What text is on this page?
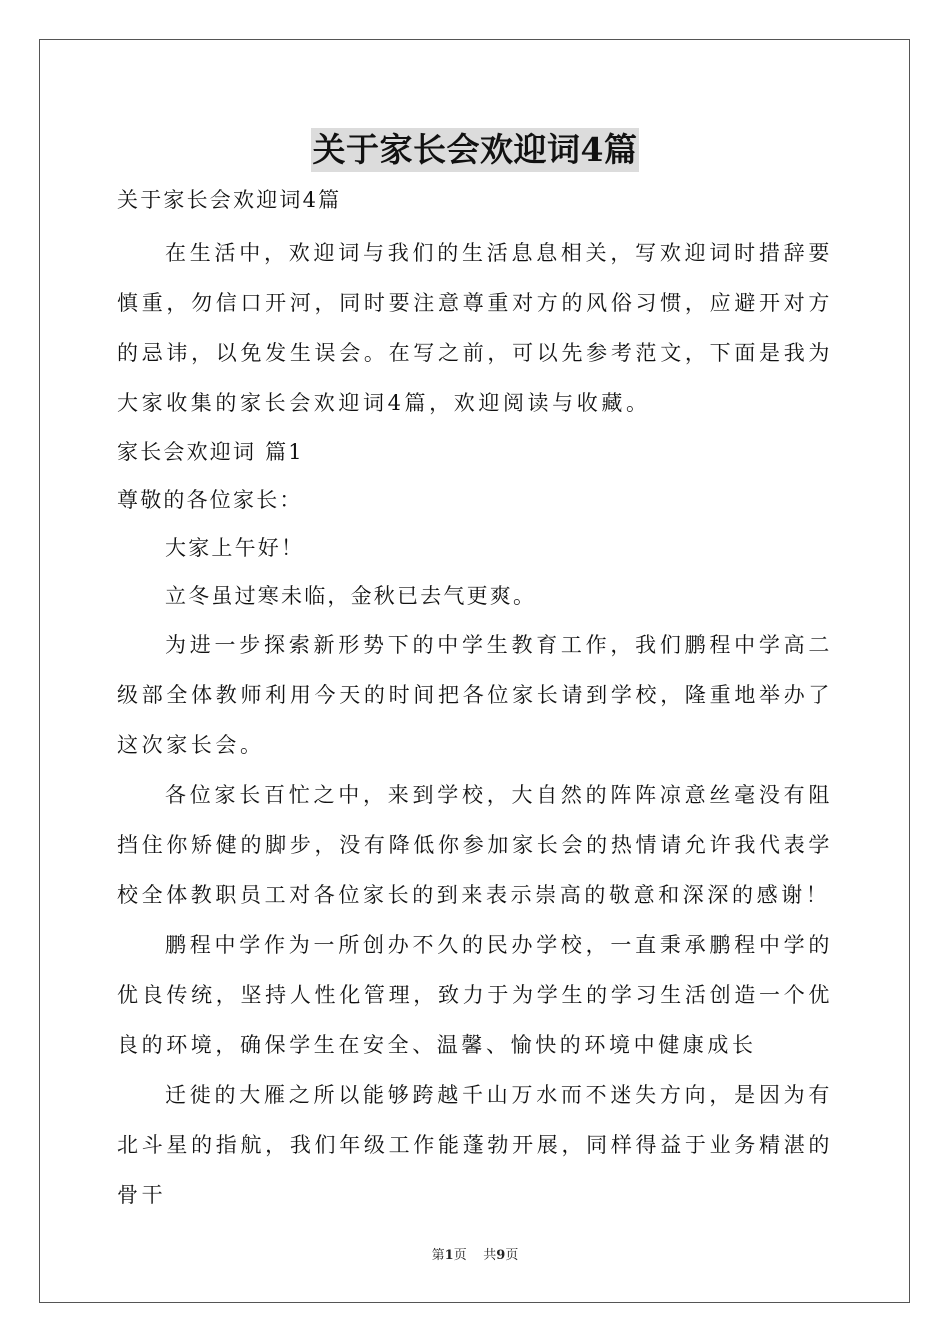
关于家长会欢迎词4篇
关于家长会欢迎词4篇

在生活中，欢迎词与我们的生活息息相关，写欢迎词时措辞要慎重，勿信口开河，同时要注意尊重对方的风俗习惯，应避开对方的忌讳，以免发生误会。在写之前，可以先参考范文，下面是我为大家收集的家长会欢迎词4篇，欢迎阅读与收藏。

家长会欢迎词 篇1
尊敬的各位家长：
大家上午好！
立冬虽过寒未临，金秋已去气更爽。

为进一步探索新形势下的中学生教育工作，我们鹏程中学高二级部全体教师利用今天的时间把各位家长请到学校，隆重地举办了这次家长会。

各位家长百忙之中，来到学校，大自然的阵阵凉意丝毫没有阻挡住你矫健的脚步，没有降低你参加家长会的热情请允许我代表学校全体教职员工对各位家长的到来表示崇高的敬意和深深的感谢！

鹏程中学作为一所创办不久的民办学校，一直秉承鹏程中学的优良传统，坚持人性化管理，致力于为学生的学习生活创造一个优良的环境，确保学生在安全、温馨、愉快的环境中健康成长

迁徙的大雁之所以能够跨越千山万水而不迷失方向，是因为有北斗星的指航，我们年级工作能蓬勃开展，同样得益于业务精湛的骨干

第1页 共9页
